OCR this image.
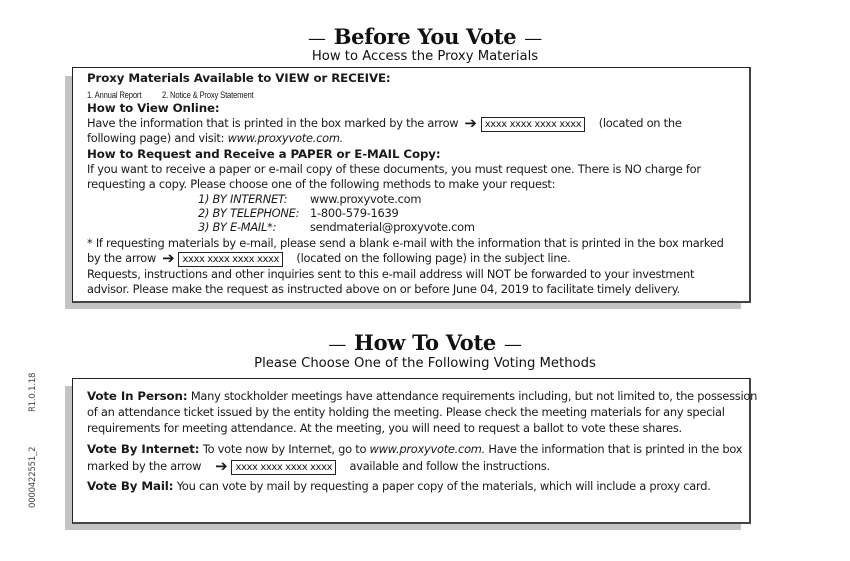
— Before You Vote —
How to Access the Proxy Materials
Proxy Materials Available to VIEW or RECEIVE:
1. Annual Report 2. Notice & Proxy Statement
How to View Online:
Have the information that is printed in the box marked by the arrow ➔ xxxx xxxx xxxx xxxx (located on the
following page) and visit: www.proxyvote.com.
How to Request and Receive a PAPER or E-MAIL Copy:
If you want to receive a paper or e-mail copy of these documents, you must request one. There is NO charge for
requesting a copy. Please choose one of the following methods to make your request:
1) BY INTERNET: www.proxyvote.com
2) BY TELEPHONE: 1-800-579-1639
3) BY E-MAIL*:	sendmaterial@proxyvote.com
* If requesting materials by e-mail, please send a blank e-mail with the information that is printed in the box marked
by the arrow ➔ xxxx xxxx xxxx xxxx (located on the following page) in the subject line.
Requests, instructions and other inquiries sent to this e-mail address will NOT be forwarded to your investment
advisor. Please make the request as instructed above on or before June 04, 2019 to facilitate timely delivery.
— How To Vote —
Please Choose One of the Following Voting Methods
Vote In Person: Many stockholder meetings have attendance requirements including, but not limited to, the possession
of an attendance ticket issued by the entity holding the meeting. Please check the meeting materials for any special
requirements for meeting attendance. At the meeting, you will need to request a ballot to vote these shares.
Vote By Internet: To vote now by Internet, go to www.proxyvote.com. Have the information that is printed in the box
marked by the arrow ➔ xxxx xxxx xxxx xxxx available and follow the instructions.
Vote By Mail: You can vote by mail by requesting a paper copy of the materials, which will include a proxy card.
0000422551_2
R1.0.1.18
